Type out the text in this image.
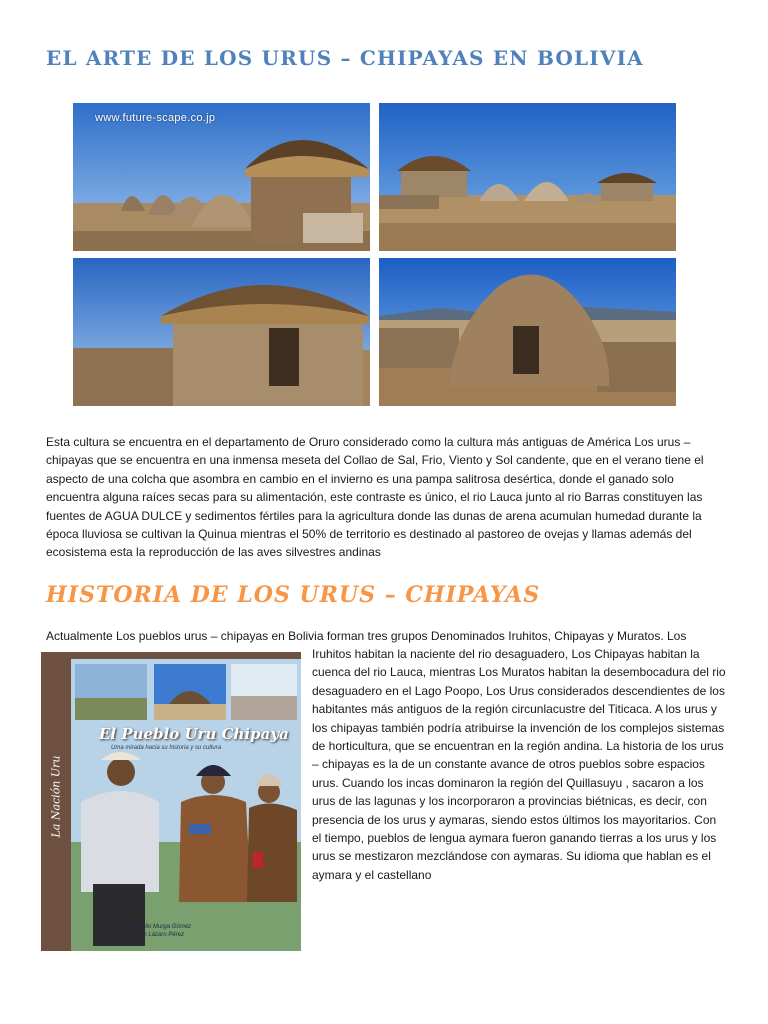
EL ARTE DE LOS URUS – CHIPAYAS EN BOLIVIA
www.future-scape.co.jp

Esta cultura se encuentra en el departamento de Oruro considerado como la cultura más antiguas de América Los urus – chipayas que se encuentra en una inmensa meseta del Collao de Sal, Frio, Viento y Sol candente, que en el verano tiene el aspecto de una colcha que asombra en cambio en el invierno es una pampa salitrosa desértica, donde el ganado solo encuentra alguna raíces secas para su alimentación, este contraste es único, el rio Lauca junto al rio Barras constituyen las fuentes de AGUA DULCE y sedimentos fértiles para la agricultura donde las dunas de arena acumulan humedad durante la época lluviosa se cultivan la Quinua mientras el 50% de territorio es destinado al pastoreo de ovejas y llamas además del ecosistema esta la reproducción de las aves silvestres andinas

HISTORIA DE LOS URUS – CHIPAYAS

Actualmente Los pueblos urus – chipayas en Bolivia forman tres grupos Denominados Iruhitos, Chipayas y Muratos. Los

Iruhitos habitan la naciente del rio desaguadero, Los Chipayas habitan la cuenca del rio Lauca, mientras Los Muratos habitan la desembocadura del rio desaguadero en el Lago Poopo, Los Urus considerados descendientes de los habitantes más antiguos de la región circunlacustre del Titicaca. A los urus y los chipayas también podría atribuirse la invención de los complejos sistemas de horticultura, que se encuentran en la región andina. La historia de los urus – chipayas es la de un constante avance de otros pueblos sobre espacios urus. Cuando los incas dominaron la región del Quillasuyu , sacaron a los urus de las lagunas y los incorporaron a provincias biétnicas, es decir, con presencia de los urus y aymaras, siendo estos últimos los mayoritarios. Con el tiempo, pueblos de lengua aymara fueron ganando tierras a los urus y los urus se mestizaron mezclándose con aymaras. Su idioma que hablan es el aymara y el castellano

El Pueblo Uru Chipaya
Uma mirada hacia su historia y su cultura
La Nación Uru
Evangelio Murga Gómez
Germán Lázaro Pérez
